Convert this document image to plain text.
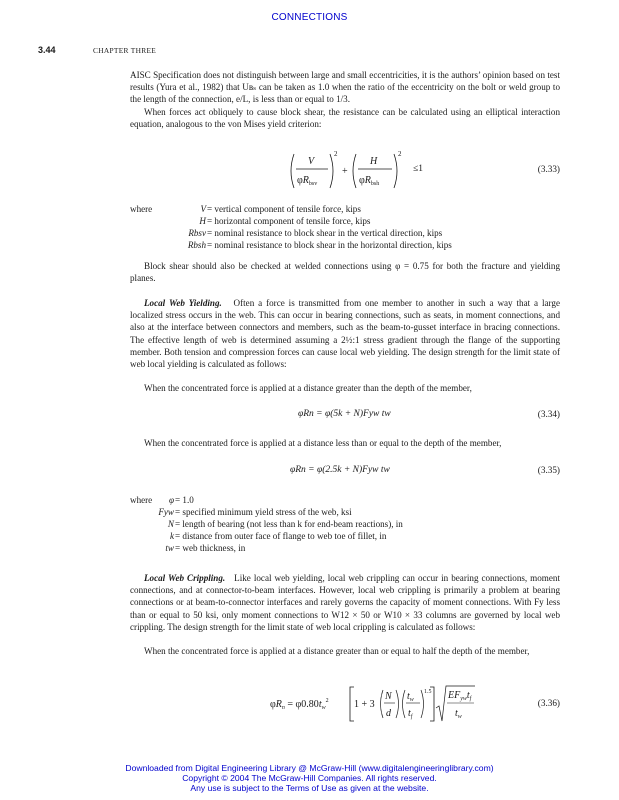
CONNECTIONS
3.44	CHAPTER THREE

AISC Specification does not distinguish between large and small eccentricities, it is the authors’ opinion based on test results (Yura et al., 1982) that Uʙₛ can be taken as 1.0 when the ratio of the eccentricity on the bolt or weld group to the length of the connection, e/L, is less than or equal to 1/3.

When forces act obliquely to cause block shear, the resistance can be calculated using an elliptical interaction equation, analogous to the von Mises yield criterion:

V
$\varphi R_{bsv}$
2
+
H
$\varphi R_{bsh}$
2
≤1	(3.33)
where	V = vertical component of tensile force, kips
H = horizontal component of tensile force, kips
Rbsv = nominal resistance to block shear in the vertical direction, kips
Rbsh = nominal resistance to block shear in the horizontal direction, kips

Block shear should also be checked at welded connections using φ = 0.75 for both the fracture and yielding planes.

Local Web Yielding. Often a force is transmitted from one member to another in such a way that a large localized stress occurs in the web. This can occur in bearing connections, such as seats, in moment connections, and also at the interface between connectors and members, such as the beam-to-gusset interface in bracing connections. The effective length of web is determined assuming a 2½:1 stress gradient through the flange of the supporting member. Both tension and compression forces can cause local web yielding. The design strength for the limit state of web local yielding is calculated as follows:

When the concentrated force is applied at a distance greater than the depth of the member,

φRn = φ(5k + N)Fyw tw	(3.34)

When the concentrated force is applied at a distance less than or equal to the depth of the member,

φRn = φ(2.5k + N)Fyw tw	(3.35)
where φ = 1.0
Fyw = specified minimum yield stress of the web, ksi
N = length of bearing (not less than k for end-beam reactions), in
k = distance from outer face of flange to web toe of fillet, in
tw = web thickness, in

Local Web Crippling. Like local web yielding, local web crippling can occur in bearing connections, moment connections, and at connector-to-beam interfaces. However, local web crippling is primarily a problem at bearing connections or at beam-to-connector interfaces and rarely governs the capacity of moment connections. With Fy less than or equal to 50 ksi, only moment connections to W12 × 50 or W10 × 33 columns are governed by local web crippling. The design strength for the limit state of web local crippling is calculated as follows:

When the concentrated force is applied at a distance greater than or equal to half the depth of the member,

$\varphi R_n = \varphi 0.80t_w^2$	1 + 3
N
d
$t_w$
$t_f$
1.5 $EF_{yw}t_f$
$t_w$
(3.36)
Downloaded from Digital Engineering Library @ McGraw-Hill (www.digitalengineeringlibrary.com)
Copyright © 2004 The McGraw-Hill Companies. All rights reserved.
Any use is subject to the Terms of Use as given at the website.
